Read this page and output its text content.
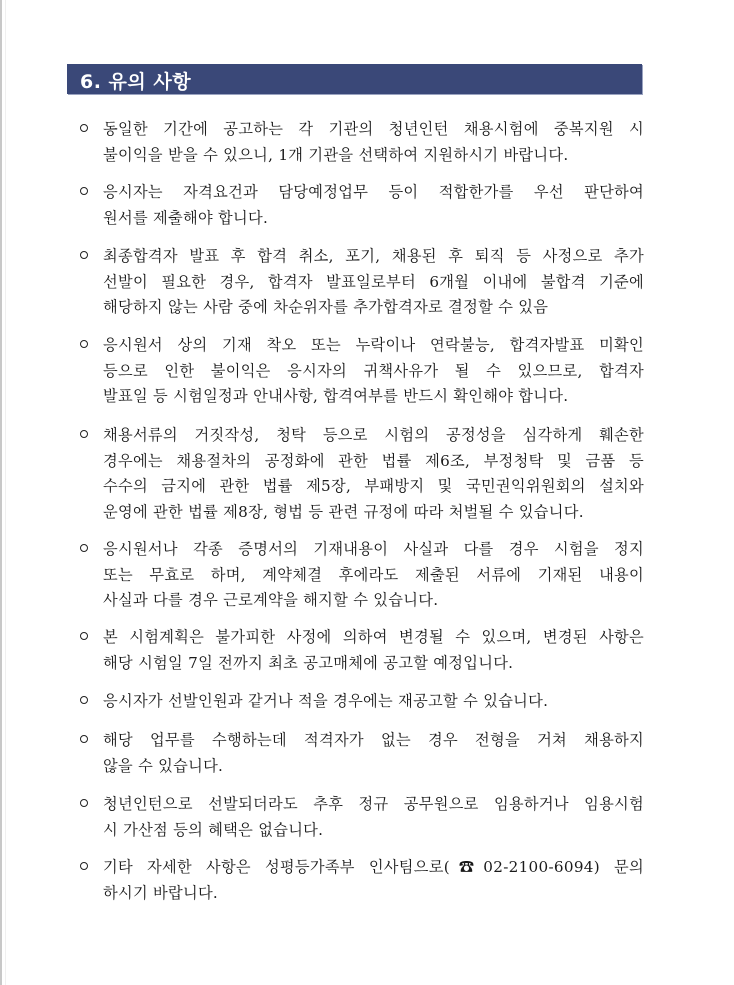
6. 유의 사항
동일한 기간에 공고하는 각 기관의 청년인턴 채용시험에 중복지원 시
불이익을 받을 수 있으니, 1개 기관을 선택하여 지원하시기 바랍니다.
응시자는 자격요건과 담당예정업무 등이 적합한가를 우선 판단하여
원서를 제출해야 합니다.
최종합격자 발표 후 합격 취소, 포기, 채용된 후 퇴직 등 사정으로 추가
선발이 필요한 경우, 합격자 발표일로부터 6개월 이내에 불합격 기준에
해당하지 않는 사람 중에 차순위자를 추가합격자로 결정할 수 있음
응시원서 상의 기재 착오 또는 누락이나 연락불능, 합격자발표 미확인
등으로 인한 불이익은 응시자의 귀책사유가 될 수 있으므로, 합격자
발표일 등 시험일정과 안내사항, 합격여부를 반드시 확인해야 합니다.
채용서류의 거짓작성, 청탁 등으로 시험의 공정성을 심각하게 훼손한
경우에는 채용절차의 공정화에 관한 법률 제6조, 부정청탁 및 금품 등
수수의 금지에 관한 법률 제5장, 부패방지 및 국민권익위원회의 설치와
운영에 관한 법률 제8장, 형법 등 관련 규정에 따라 처벌될 수 있습니다.
응시원서나 각종 증명서의 기재내용이 사실과 다를 경우 시험을 정지
또는 무효로 하며, 계약체결 후에라도 제출된 서류에 기재된 내용이
사실과 다를 경우 근로계약을 해지할 수 있습니다.
본 시험계획은 불가피한 사정에 의하여 변경될 수 있으며, 변경된 사항은
해당 시험일 7일 전까지 최초 공고매체에 공고할 예정입니다.
응시자가 선발인원과 같거나 적을 경우에는 재공고할 수 있습니다.
해당 업무를 수행하는데 적격자가 없는 경우 전형을 거쳐 채용하지
않을 수 있습니다.
청년인턴으로 선발되더라도 추후 정규 공무원으로 임용하거나 임용시험
시 가산점 등의 혜택은 없습니다.
기타 자세한 사항은 성평등가족부 인사팀으로(☎02-2100-6094) 문의
하시기 바랍니다.
